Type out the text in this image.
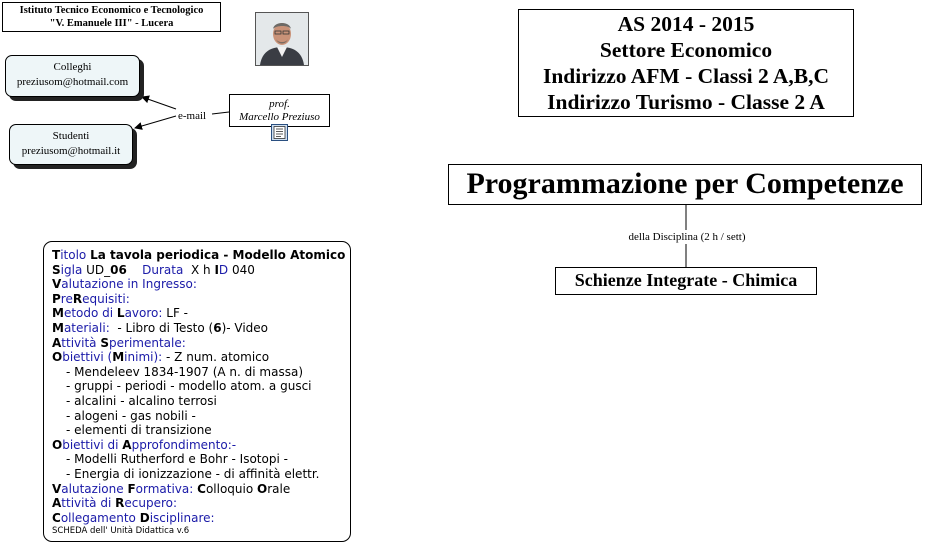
Istituto Tecnico Economico e Tecnologico
"V. Emanuele III" - Lucera
Colleghi
preziusom@hotmail.com
Studenti
preziusom@hotmail.it
e-mail
prof.
Marcello Preziuso
AS 2014 - 2015
Settore Economico
Indirizzo AFM - Classi 2 A,B,C
Indirizzo Turismo - Classe 2 A
Programmazione per Competenze
della Disciplina (2 h / sett)
Schienze Integrate - Chimica
Titolo La tavola periodica - Modello Atomico
Sigla UD_06 Durata X h ID 040
Valutazione in Ingresso:
PreRequisiti:
Metodo di Lavoro: LF -
Materiali: - Libro di Testo (6)- Video
Attività Sperimentale:
Obiettivi (Minimi): - Z num. atomico
- Mendeleev 1834-1907 (A n. di massa)
- gruppi - periodi - modello atom. a gusci
- alcalini - alcalino terrosi
- alogeni - gas nobili -
- elementi di transizione
Obiettivi di Approfondimento:-
- Modelli Rutherford e Bohr - Isotopi -
- Energia di ionizzazione - di affinità elettr.
Valutazione Formativa: Colloquio Orale
Attività di Recupero:
Collegamento Disciplinare:
SCHEDA dell' Unità Didattica v.6
